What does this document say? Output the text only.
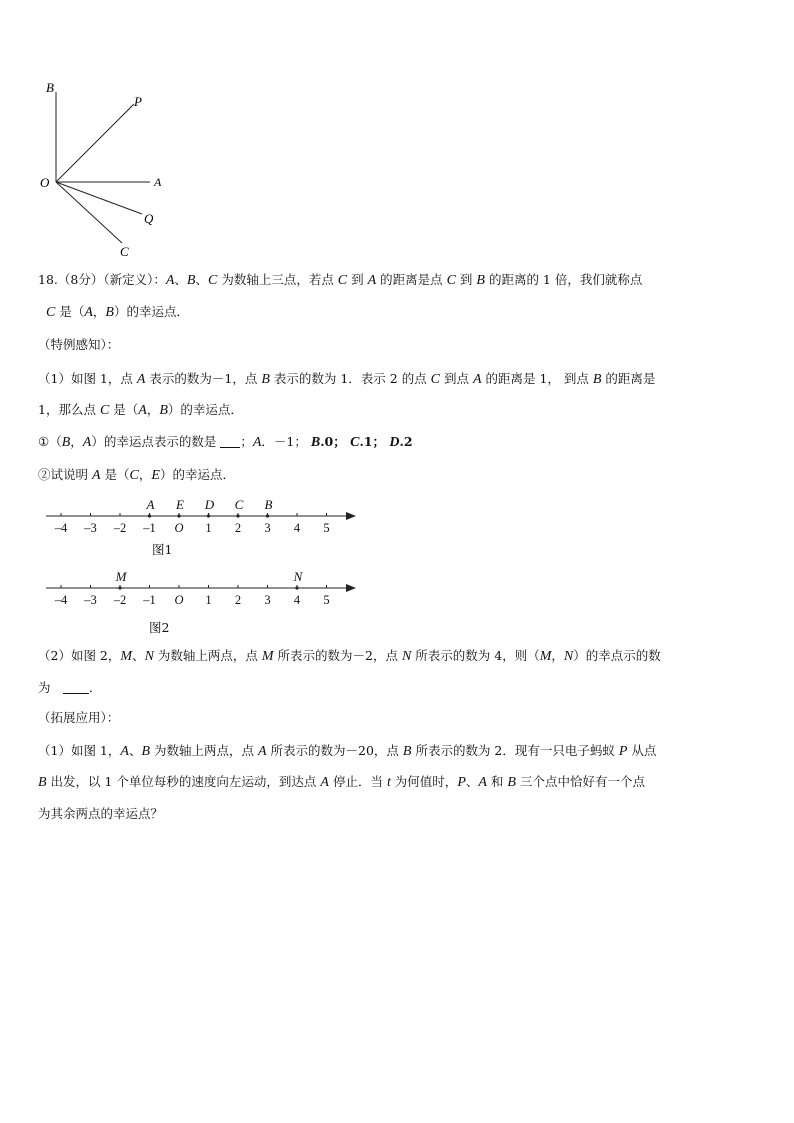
B
P
O	A
Q
C
18.（8分）（新定义）：A、B、C 为数轴上三点，若点 C 到 A 的距离是点 C 到 B 的距离的 1 倍，我们就称点
C 是（A，B）的幸运点．
（特例感知）：
（1）如图 1，点 A 表示的数为－1，点 B 表示的数为 1．表示 2 的点 C 到点 A 的距离是 1， 到点 B 的距离是
1，那么点 C 是（A，B）的幸运点．
①（B，A）的幸运点表示的数是 ；A．－1； B.0； C.1； D.2
②试说明 A 是（C，E）的幸运点．
–4 –3 –2 –1 O 1 2 3 4 5
A E D C B
图1
–4 –3 –2 –1 O 1 2 3 4 5
M	N
图2
（2）如图 2，M、N 为数轴上两点，点 M 所表示的数为－2，点 N 所表示的数为 4，则（M，N）的幸点示的数
为　．
（拓展应用）：
（1）如图 1，A、B 为数轴上两点，点 A 所表示的数为－20，点 B 所表示的数为 2．现有一只电子蚂蚁 P 从点
B 出发，以 1 个单位每秒的速度向左运动，到达点 A 停止．当 t 为何值时，P、A 和 B 三个点中恰好有一个点
为其余两点的幸运点？
